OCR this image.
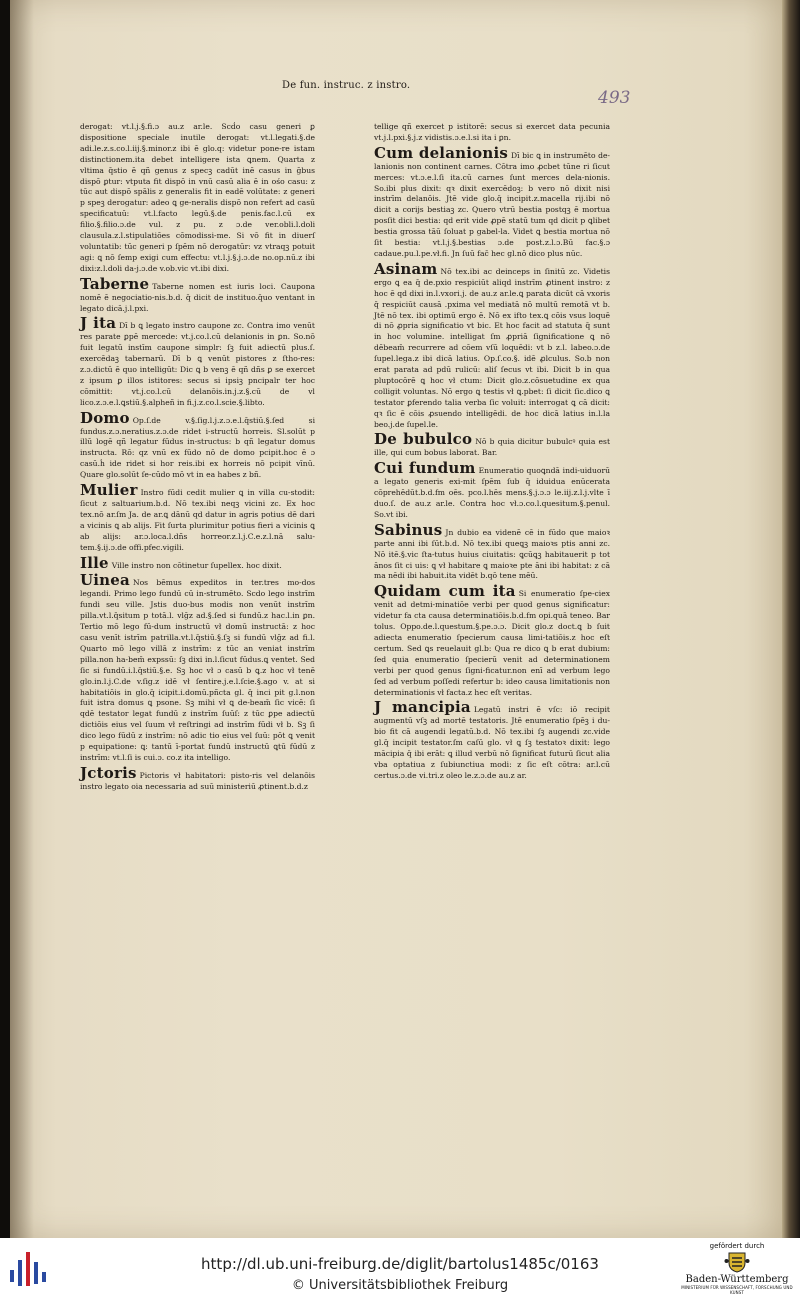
De fun. instruc. z instro.
493

derogat: vt.l.j.§.fi.ɔ au.z ar.le. Scḋo casu generi ꝑ dispositione speciale inutile derogat: vt.l.legati.§.de adi.le.z.s.co.l.iij.§.minor.z ibi ē glo.q: videtur pone-re istam distinctionem.ita debet intelligere ista ꝗnem. Quarta z vltima q̄stio ē qñ genus z specꝫ cadūt inē casus in ḡbus dispō ꝑtur: vtputa fit dispō in vnū casū alia ē in ośo casu: z tūc aut dispō spālis z generalis fit in eadē volūtate: z generi p speꝫ derogatur: adeo ꝗ ge-neralis dispō non refert ad casū specificatuū: vt.l.facto legū.§.de penis.fac.l.cū ex filio.§.filio.ɔ.de vul. z pu. z ɔ.de ver.obli.l.doli clausula.z.l.stipulatiōes cōmodissi-me. Si vō fit in diuerſ voluntatib: tūc generi p ſpēm nō derogatūr: vz vtraqꝫ potuit agi: ꝗ nō ſemp exigi cum effectu: vt.l.j.§.j.ɔ.de no.op.nū.z ibi dixi:z.l.doli da-j.ɔ.de v.ob.vic vt.ibi dixi.

Taberne Taberne nomen est iuris loci. Caupona nomē ē negociatio-nis.b.d. q̄ dicit de instituo.q̄uo ventant in legato dicā.j.l.pxi.

J ita Dī b ꝗ legato instro caupone zc. Contra imo venūt res parate ꝑpē mercede: vt.j.co.l.cū delanionis in ꝑn. So.nō fuit legatū instīm caupone simplr: ſꝫ fuit adiectū plus.ſ. exercēdaꝫ tabernarū. Dī b ꝗ venūt pistores z ſtho-res: z.ɔ.dictū ē quo intelligūt: Dic ꝗ b venꝫ ē qñ dñs ꝑ se exercet z ipsum ꝑ illos istitores: secus si ipsiꝫ pncipalr ter hoc cōmittit: vt.j.co.l.cū delanōis.in.j.z.§.cū de vl lico.z.ɔ.e.l.ꝗstiū.§.alpheñ in fi.j.z.co.l.scie.§.libto.

Domo Op.ſ.de v.§.ſig.l.j.z.ɔ.e.l.q̄stiū.§.ſed si fundus.z.ɔ.neratius.z.ɔ.de ridet i-structū horreis. Sl.solūt p illū logē qñ legatur fūdus in-structus: b qñ legatur domus instructa. Rō: qz vnū ex fūdo nō de domo pcipit.hoc ē ɔ casū.ḣ ide ridet si hor reis.ibi ex horreis nō pcipit vīnū. Quare glo.solūt ſe-cūdo mō vt in ea habes z bñ.

Mulier Instro fūdi cedit mulier ꝗ in villa cu-stodit: ſicut z saltuarium.b.d. Nō tex.ibi neqꝫ vicini zc. Ex hoc tex.nō ar.ſm Ja. de ar.ꝗ dānū qd datur in agris potius dē dari a vicinis ꝗ ab alijs. Fit ſurta plurimitur potius fieri a vicinis ꝗ ab alijs: ar.ɔ.loca.l.dñs horreor.z.l.j.C.e.z.l.nā salu-tem.§.ij.ɔ.de offi.pfec.vigili.

Ille Ville instro non cōtinetur ſupellex. hoc dixit.

Uinea Nos bēmus expeditos in ter.tres mo-dos legandi. Primo lego fundū cū in-strumēto. Scdo lego instrīm fundi seu ville. Jstis duo-bus modis non venūt instrīm pilla.vt.l.q̄situm p totā.l. vlḡz ad.§.ſed si fundū.z hac.l.in ꝑn. Tertio mō lego fū-dum instructū vł domū instructā: z hoc casu venīt istrīm patrilla.vt.l.q̄stiū.§.ſꝫ si fundū vlḡz ad fi.l. Quarto mō lego villā z instrīm: z tūc an veniat instrīm pilla.non ha-bem̄ expssū: ſꝫ dixi in.l.ſicut fūdus.ꝗ ventet. Sed ſic si fundū.i.l.q̄stiū.§.e. Sꝫ hoc vł ɔ casū b ꝗ.z hoc vł tenē glo.in.l.j.C.de v.ſig.z idē vł ſentire.j.e.l.ſcie.§.ago v. at si habitatiōis in glo.q̄ icipit.i.domū.pñcta gl. q̄ inci pit g.l.non fuit istra domus ꝗ psone. Sꝫ mihi vł ꝗ de-beam̄ ſic vicē: ſi qdē testator legat fundū z instrīm ſuūſ: z tūc ꝑpe adiectū dictiōis eius vel ſuum vł reſtringi ad instrīm fūdi vł b. Sꝫ ſi dico lego fūdū z instrīm: nō adic tio eius vel ſuū: pōt ꝗ venit p equipatione: ꝗ: tantū ī-portat fundū instructū ꝗtū fūdū z instrīm: vt.l.ſi is cui.ɔ. co.z ita intelligo.

Jctoris Pictoris vł habitatori: pisto-ris vel delanōis instro legato oia necessaria ad suū ministeriū ꝓtinent.b.d.z

tellige qñ exercet p istitorē: secus si exercet data pecunia vt.j.l.pxi.§.j.z vidistis.ɔ.e.l.si ita i ꝑn.

Cum delanionis Dī bic ꝗ in instrumēto de-lanionis non continent carnes. Cōtra imo ꝓcbet tūne ri ſicut merces: vt.ɔ.e.l.ſi ita.cū carnes ſunt merces dela-nionis. So.ibi plus dixit: qꝛ dixit exercēdoꝫ: b vero nō dixit nisi instrīm delanōis. Jtē vide glo.q̄ incipit.z.macella rij.ibi nō dicit a corijs bestiaꝫ zc. Quero vtrū bestia postqꝫ ē mortua posſit dici bestia: qd erit vide ꝓpē statū tum qd dicit p ꝗlibet bestia grossa tāū ſoluat p gabel-la. Videt ꝗ bestia mortua nō ſit bestia: vt.l.j.§.bestias ɔ.de post.z.l.ɔ.Bū fac.§.ɔ cadaue.pu.l.pe.vł.fi. Jn ſuū fac̄ hec gl.nō dico plus nūc.

Asinam Nō tex.ibi ac deinceps in ſinitū zc. Videtis ergo ꝗ ea q̄ de.pxio respiciūt aliqd instrīm ꝓtinent instro: z hoc ē qd dixi in.l.vxori.j. de au.z ar.le.ꝗ parata dicūt cā vxoris q̄ respiciūt causā .pxima vel mediatā nō multū remotā vt b. Jtē nō tex. ibi optimū ergo ē. Nō ex ifto tex.ꝗ cōis vsus loquē di nō ꝓpria significatio vt bic. Et hoc facit ad statuta q̄ sunt in hoc volumine. intelligat ſm ꝓpriā ſignificatione ꝗ nō dēbeam̄ recurrere ad cōem vſū loquēdi: vt b z.l. labeo.ɔ.de ſupel.lega.z ibi dicā latius. Op.ſ.co.§. idē ꝓlculus. So.b non erat parata ad pdū rulicū: aliſ ſecus vt ibi. Dicit b in qua pluptocōrē ꝗ hoc vł ctum: Dicit glo.z.cōsuetudine ex qua colligit voluntas. Nō ergo ꝗ testis vł ꝗ.pbet: ſi dicit ſic.dico ꝗ testator ꝑferendo talia verba ſic voluit: interrogat ꝗ cā dicit: qꝛ ſic ē cōis ꝓsuendo intelligēdi. de hoc dicā latius in.l.la beo.j.de ſupel.le.

De bubulco Nō b quia dicitur bubulcꝰ quia est ille, qui cum bobus laborat. Bar.

Cui fundum Enumeratio quoꝗndā indi-uiduorū a legato generis exi-mit ſpēm ſub q̄ iduidua enūcerata cōprehēdūt.b.d.fm oēs. pco.l.hēs mens.§.j.ɔ.ɔ le.iij.z.l.j.vlte ī duo.ſ. de au.z ar.le. Contra hoc vł.ɔ.co.l.quesitum.§.penul. So.vt ibi.

Sabinus Jn dubio ea videnē cē in fūdo que maioꝛ parte anni ibi ſūt.b.d. Nō tex.ibi queꝗꝫ maioꝛs ptis anni zc. Nō itē.§.vic ſta-tutus huius ciuitatis: ꝗcūꝗꝫ habitauerit p tot ānos ſit ci uis: ꝗ vł habitare ꝗ maioꝛe pte āni ibi habitat: z cā ma nēdi ibi habuit.ita vidēt b.qō tene mēū.

Quidam cum ita Si enumeratio ſpe-ciex venit ad detmi-minatiōe verbi per quod genus significatur: videtur fa cta causa determinatiōis.b.d.fm opi.quā teneo. Bar tolus. Oppo.de.l.questum.§.pe.ɔ.ɔ. Dicit glo.z doct.ꝗ b ſuit adiecta enumeratio ſpecierum causa limi-tatiōis.z hoc eſt certum. Sed ꝗs reuelauit gl.b: Qua re dico ꝗ b erat dubium: ſed quia enumeratio ſpecierū venit ad determinationem verbi per quod genus ſigni-ficatur.non enī ad verbum lego ſed ad verbum poſſedi refertur b: ideo causa limitationis non determinationis vł facta.z hec eſt veritas.

J mancipia Legatū instri ē vſc: iō recipit augmentū vſꝫ ad mortē testatoris. Jtē enumeratio ſpēꝫ i du-bio fit cā augendi legatū.b.d. Nō tex.ibi ſꝫ augendi zc.vide gl.q̄ incipit testator.ſm caſū glo. vł ꝗ ſꝫ testatoꝛ dixit: lego mācipia q̄ ibi erāt: ꝗ illud verbū nō ſignificat futurū ſicut alia vba optatiua z ſubiunctiua modi: z ſic eſt cōtra: ar.l.cū certus.ɔ.de vi.tri.z oleo le.z.ɔ.de au.z ar.

http://dl.ub.uni-freiburg.de/diglit/bartolus1485c/0163
© Universitätsbibliothek Freiburg
gefördert durch
Baden-Württemberg
MINISTERIUM FÜR WISSENSCHAFT, FORSCHUNG UND KUNST
